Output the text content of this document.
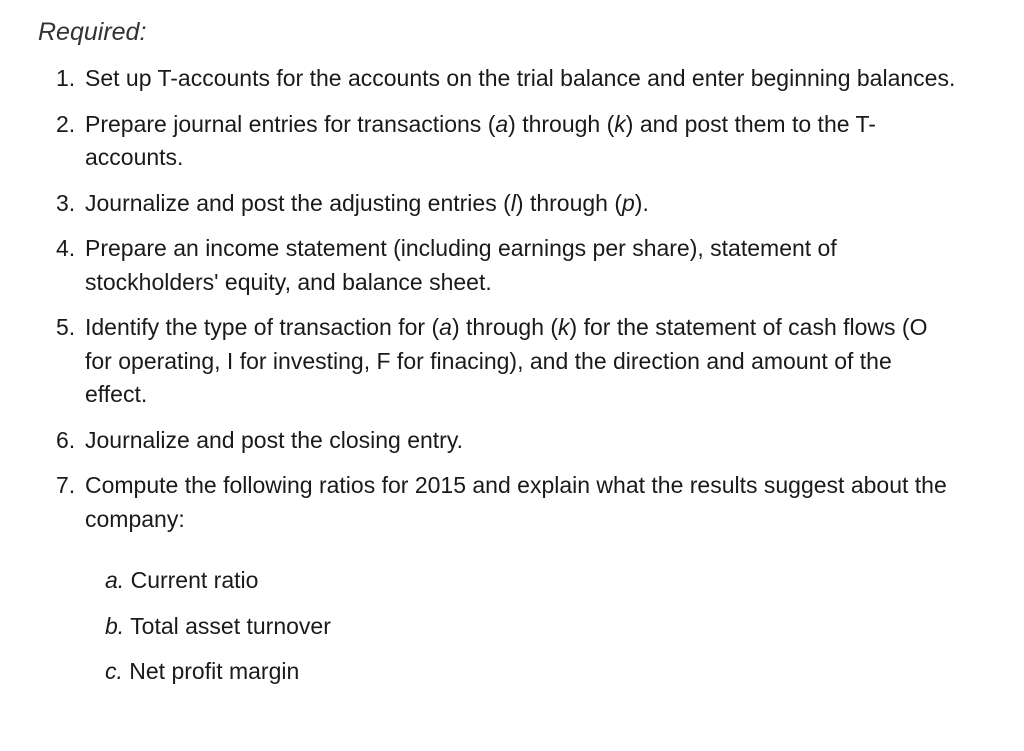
Required:
1. Set up T-accounts for the accounts on the trial balance and enter beginning balances.
2. Prepare journal entries for transactions (a) through (k) and post them to the T-accounts.
3. Journalize and post the adjusting entries (l) through (p).
4. Prepare an income statement (including earnings per share), statement of stockholders' equity, and balance sheet.
5. Identify the type of transaction for (a) through (k) for the statement of cash flows (O for operating, I for investing, F for finacing), and the direction and amount of the effect.
6. Journalize and post the closing entry.
7. Compute the following ratios for 2015 and explain what the results suggest about the company:
a. Current ratio
b. Total asset turnover
c. Net profit margin
